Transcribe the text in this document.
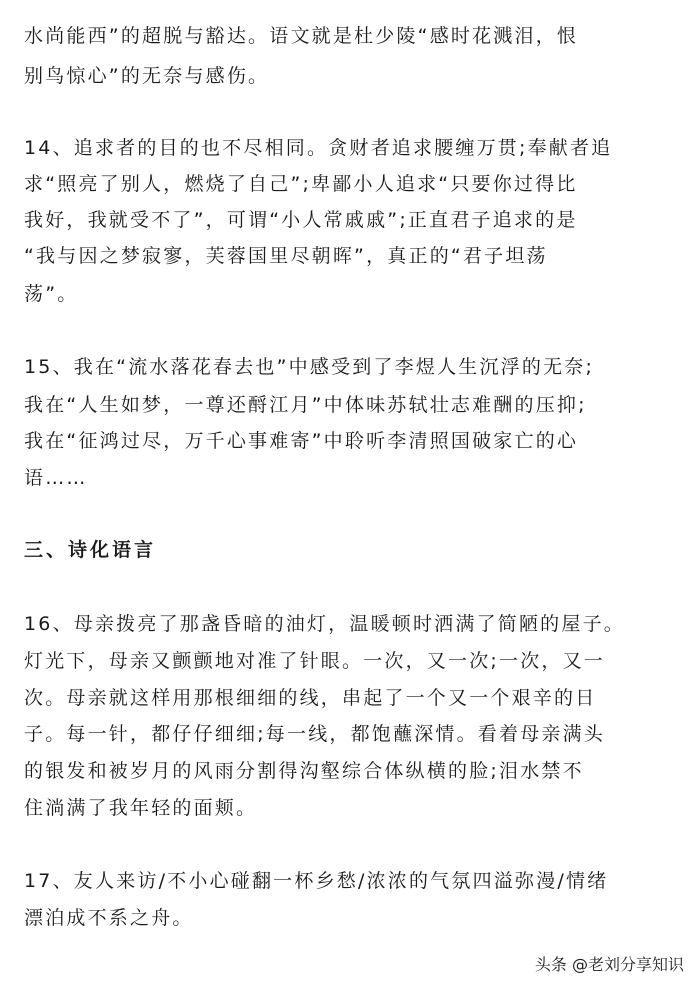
水尚能西”的超脱与豁达。语文就是杜少陵“感时花溅泪，恨
别鸟惊心”的无奈与感伤。
14、追求者的目的也不尽相同。贪财者追求腰缠万贯;奉献者追
求“照亮了别人，燃烧了自己”;卑鄙小人追求“只要你过得比
我好，我就受不了”，可谓“小人常戚戚”;正直君子追求的是
“我与因之梦寂寥，芙蓉国里尽朝晖”，真正的“君子坦荡
荡”。
15、我在“流水落花春去也”中感受到了李煜人生沉浮的无奈;
我在“人生如梦，一尊还酹江月”中体味苏轼壮志难酬的压抑;
我在“征鸿过尽，万千心事难寄”中聆听李清照国破家亡的心
语……
三、诗化语言
16、母亲拨亮了那盏昏暗的油灯，温暖顿时洒满了简陋的屋子。
灯光下，母亲又颤颤地对准了针眼。一次，又一次;一次，又一
次。母亲就这样用那根细细的线，串起了一个又一个艰辛的日
子。每一针，都仔仔细细;每一线，都饱蘸深情。看着母亲满头
的银发和被岁月的风雨分割得沟壑综合体纵横的脸;泪水禁不
住淌满了我年轻的面颊。
17、友人来访/不小心碰翻一杯乡愁/浓浓的气氛四溢弥漫/情绪
漂泊成不系之舟。
头条 @老刘分享知识
